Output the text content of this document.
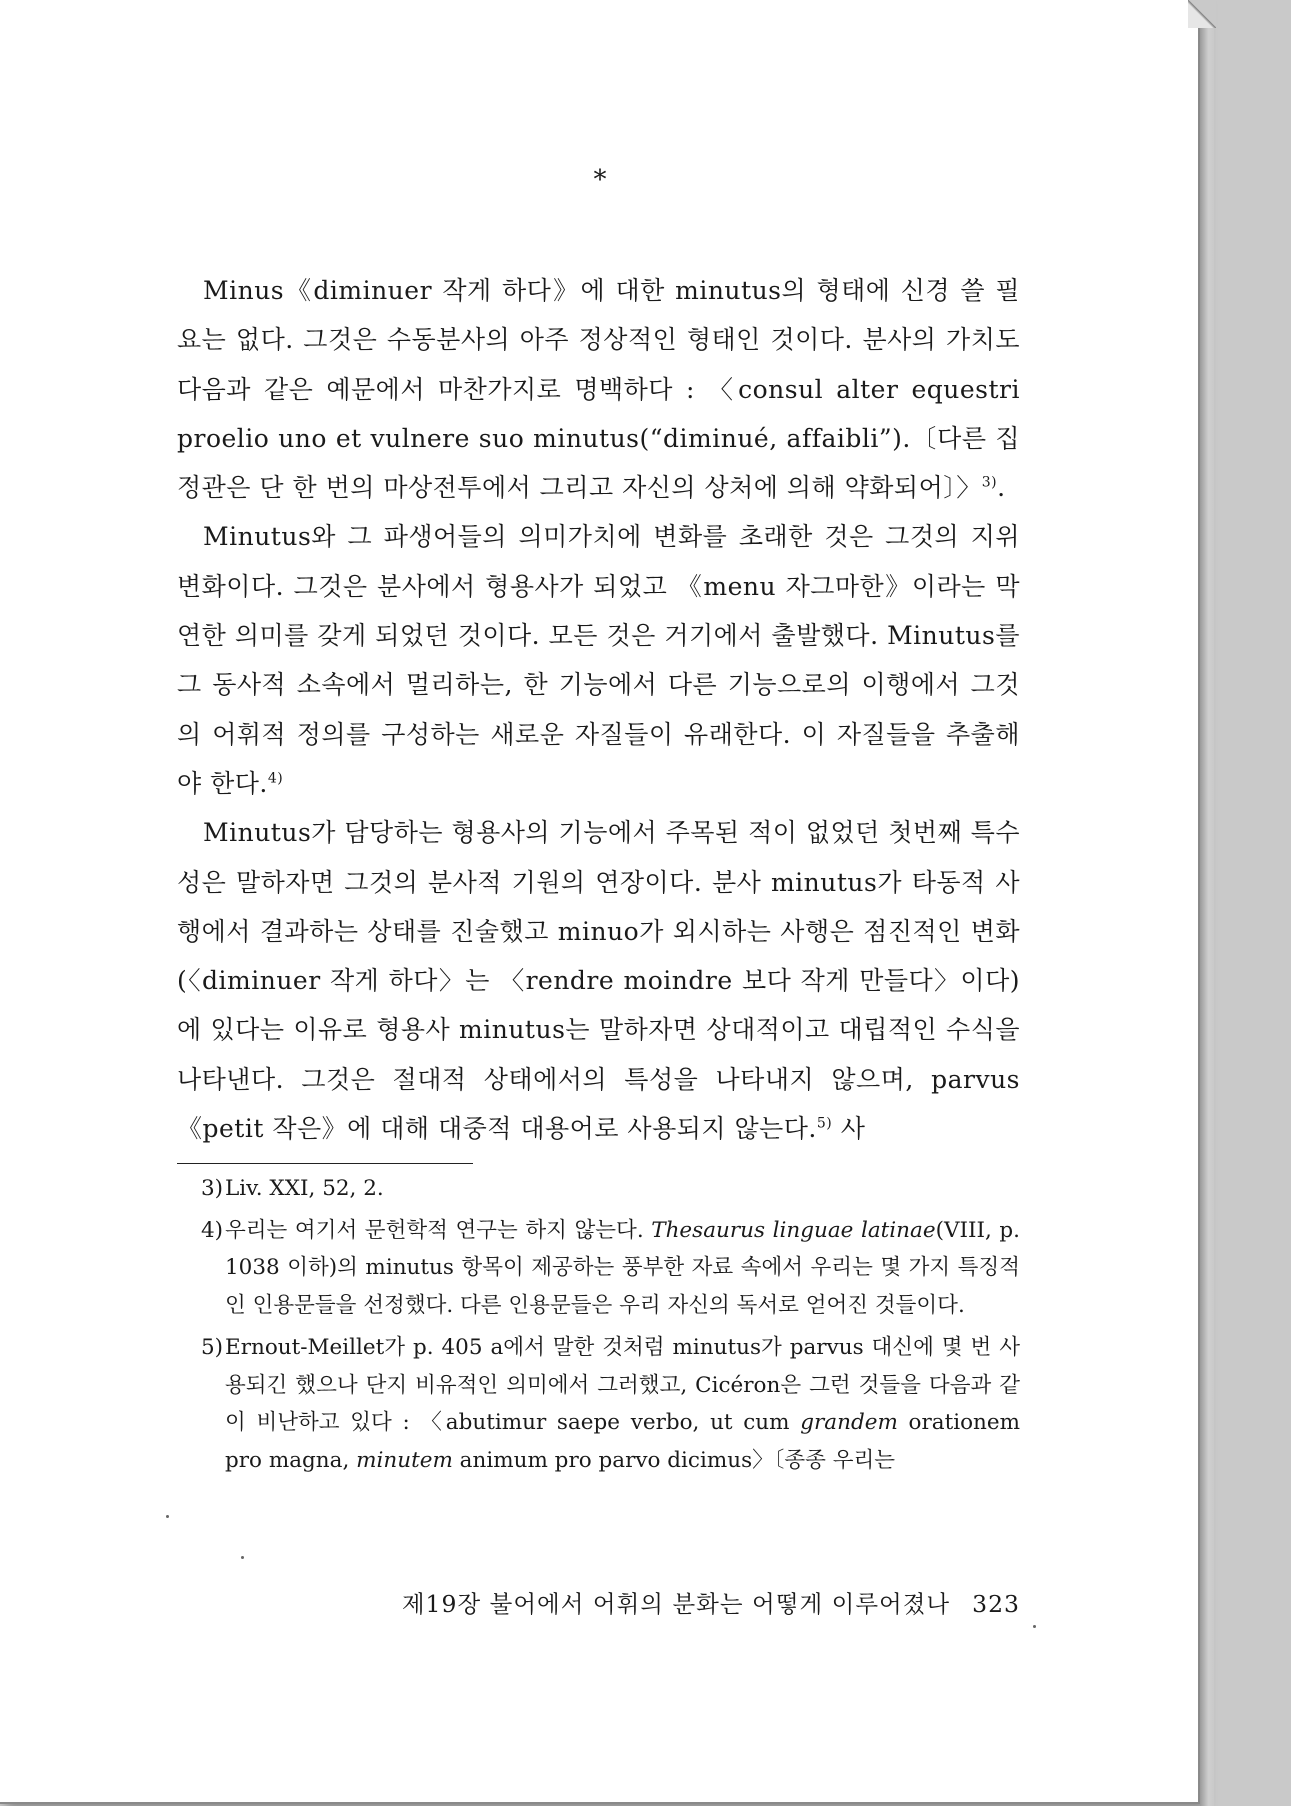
*

Minus《diminuer 작게 하다》에 대한 minutus의 형태에 신경 쓸 필요는 없다. 그것은 수동분사의 아주 정상적인 형태인 것이다. 분사의 가치도 다음과 같은 예문에서 마찬가지로 명백하다 : 〈consul alter equestri proelio uno et vulnere suo minutus(“diminué, affaibli”).〔다른 집정관은 단 한 번의 마상전투에서 그리고 자신의 상처에 의해 약화되어〕〉$^{3)}$.

Minutus와 그 파생어들의 의미가치에 변화를 초래한 것은 그것의 지위 변화이다. 그것은 분사에서 형용사가 되었고 《menu 자그마한》이라는 막연한 의미를 갖게 되었던 것이다. 모든 것은 거기에서 출발했다. Minutus를 그 동사적 소속에서 멀리하는, 한 기능에서 다른 기능으로의 이행에서 그것의 어휘적 정의를 구성하는 새로운 자질들이 유래한다. 이 자질들을 추출해야 한다.$^{4)}$

Minutus가 담당하는 형용사의 기능에서 주목된 적이 없었던 첫번째 특수성은 말하자면 그것의 분사적 기원의 연장이다. 분사 minutus가 타동적 사행에서 결과하는 상태를 진술했고 minuo가 외시하는 사행은 점진적인 변화(〈diminuer 작게 하다〉는 〈rendre moindre 보다 작게 만들다〉이다)에 있다는 이유로 형용사 minutus는 말하자면 상대적이고 대립적인 수식을 나타낸다. 그것은 절대적 상태에서의 특성을 나타내지 않으며, parvus《petit 작은》에 대해 대중적 대용어로 사용되지 않는다.$^{5)}$ 사

3) Liv. XXI, 52, 2.
4) 우리는 여기서 문헌학적 연구는 하지 않는다. Thesaurus linguae latinae(VIII, p. 1038 이하)의 minutus 항목이 제공하는 풍부한 자료 속에서 우리는 몇 가지 특징적인 인용문들을 선정했다. 다른 인용문들은 우리 자신의 독서로 얻어진 것들이다.
5) Ernout-Meillet가 p. 405 a에서 말한 것처럼 minutus가 parvus 대신에 몇 번 사용되긴 했으나 단지 비유적인 의미에서 그러했고, Cicéron은 그런 것들을 다음과 같이 비난하고 있다 : 〈abutimur saepe verbo, ut cum grandem orationem pro magna, minutem animum pro parvo dicimus〉〔종종 우리는
제19장 불어에서 어휘의 분화는 어떻게 이루어졌나 323
